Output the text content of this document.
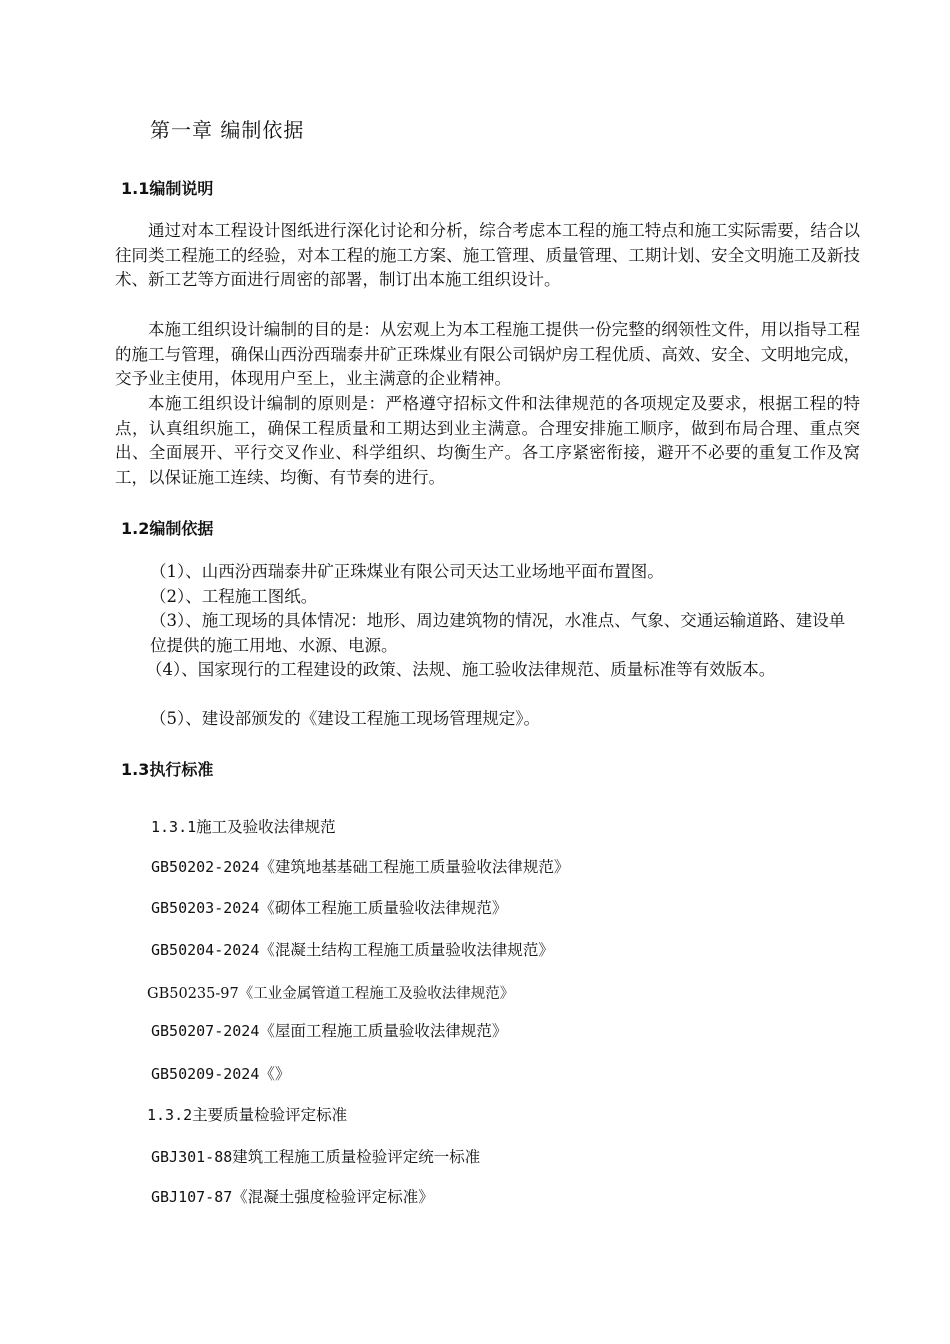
第一章 编制依据
1.1编制说明

通过对本工程设计图纸进行深化讨论和分析，综合考虑本工程的施工特点和施工实际需要，结合以往同类工程施工的经验，对本工程的施工方案、施工管理、质量管理、工期计划、安全文明施工及新技术、新工艺等方面进行周密的部署，制订出本施工组织设计。

本施工组织设计编制的目的是：从宏观上为本工程施工提供一份完整的纲领性文件，用以指导工程的施工与管理，确保山西汾西瑞泰井矿正珠煤业有限公司锅炉房工程优质、高效、安全、文明地完成，交予业主使用，体现用户至上，业主满意的企业精神。

本施工组织设计编制的原则是：严格遵守招标文件和法律规范的各项规定及要求，根据工程的特点，认真组织施工，确保工程质量和工期达到业主满意。合理安排施工顺序，做到布局合理、重点突出、全面展开、平行交叉作业、科学组织、均衡生产。各工序紧密衔接，避开不必要的重复工作及窝工，以保证施工连续、均衡、有节奏的进行。

1.2编制依据

（1）、山西汾西瑞泰井矿正珠煤业有限公司天达工业场地平面布置图。

（2）、工程施工图纸。

（3）、施工现场的具体情况：地形、周边建筑物的情况，水准点、气象、交通运输道路、建设单位提供的施工用地、水源、电源。

（4）、国家现行的工程建设的政策、法规、施工验收法律规范、质量标准等有效版本。

（5）、建设部颁发的《建设工程施工现场管理规定》。

1.3执行标准
1.3.1施工及验收法律规范
GB50202-2024《建筑地基基础工程施工质量验收法律规范》
GB50203-2024《砌体工程施工质量验收法律规范》
GB50204-2024《混凝土结构工程施工质量验收法律规范》
GB50235-97《工业金属管道工程施工及验收法律规范》
GB50207-2024《屋面工程施工质量验收法律规范》
GB50209-2024《》
1.3.2主要质量检验评定标准
GBJ301-88建筑工程施工质量检验评定统一标准
GBJ107-87《混凝土强度检验评定标准》
